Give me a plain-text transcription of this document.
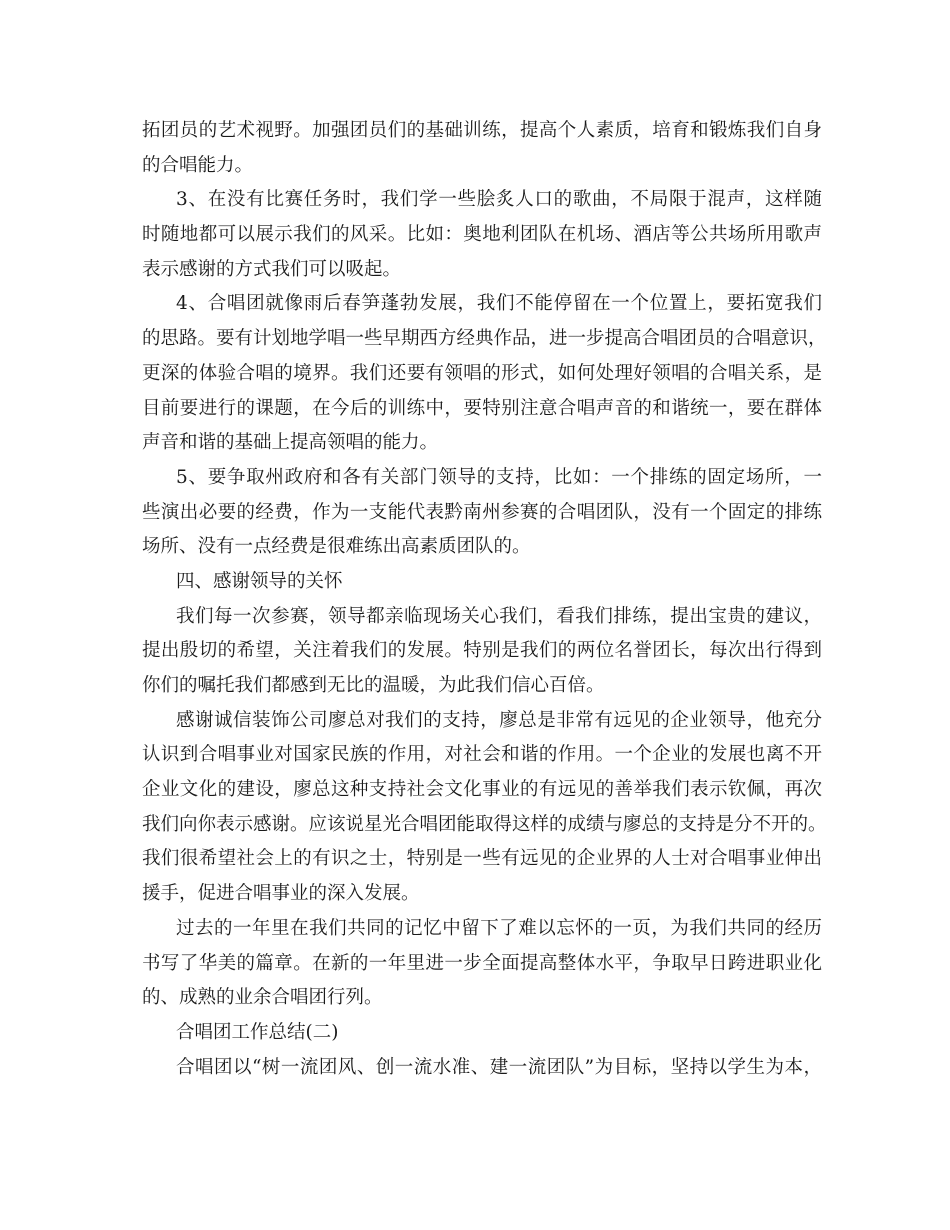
拓团员的艺术视野。加强团员们的基础训练，提高个人素质，培育和锻炼我们自身
的合唱能力。
3、在没有比赛任务时，我们学一些脍炙人口的歌曲，不局限于混声，这样随
时随地都可以展示我们的风采。比如：奥地利团队在机场、酒店等公共场所用歌声
表示感谢的方式我们可以吸起。
4、合唱团就像雨后春笋蓬勃发展，我们不能停留在一个位置上，要拓宽我们
的思路。要有计划地学唱一些早期西方经典作品，进一步提高合唱团员的合唱意识，
更深的体验合唱的境界。我们还要有领唱的形式，如何处理好领唱的合唱关系，是
目前要进行的课题，在今后的训练中，要特别注意合唱声音的和谐统一，要在群体
声音和谐的基础上提高领唱的能力。
5、要争取州政府和各有关部门领导的支持，比如：一个排练的固定场所，一
些演出必要的经费，作为一支能代表黔南州参赛的合唱团队，没有一个固定的排练
场所、没有一点经费是很难练出高素质团队的。
四、感谢领导的关怀
我们每一次参赛，领导都亲临现场关心我们，看我们排练，提出宝贵的建议，
提出殷切的希望，关注着我们的发展。特别是我们的两位名誉团长，每次出行得到
你们的嘱托我们都感到无比的温暖，为此我们信心百倍。
感谢诚信装饰公司廖总对我们的支持，廖总是非常有远见的企业领导，他充分
认识到合唱事业对国家民族的作用，对社会和谐的作用。一个企业的发展也离不开
企业文化的建设，廖总这种支持社会文化事业的有远见的善举我们表示钦佩，再次
我们向你表示感谢。应该说星光合唱团能取得这样的成绩与廖总的支持是分不开的。
我们很希望社会上的有识之士，特别是一些有远见的企业界的人士对合唱事业伸出
援手，促进合唱事业的深入发展。
过去的一年里在我们共同的记忆中留下了难以忘怀的一页，为我们共同的经历
书写了华美的篇章。在新的一年里进一步全面提高整体水平，争取早日跨进职业化
的、成熟的业余合唱团行列。
合唱团工作总结(二)
合唱团以“树一流团风、创一流水准、建一流团队”为目标，坚持以学生为本，
